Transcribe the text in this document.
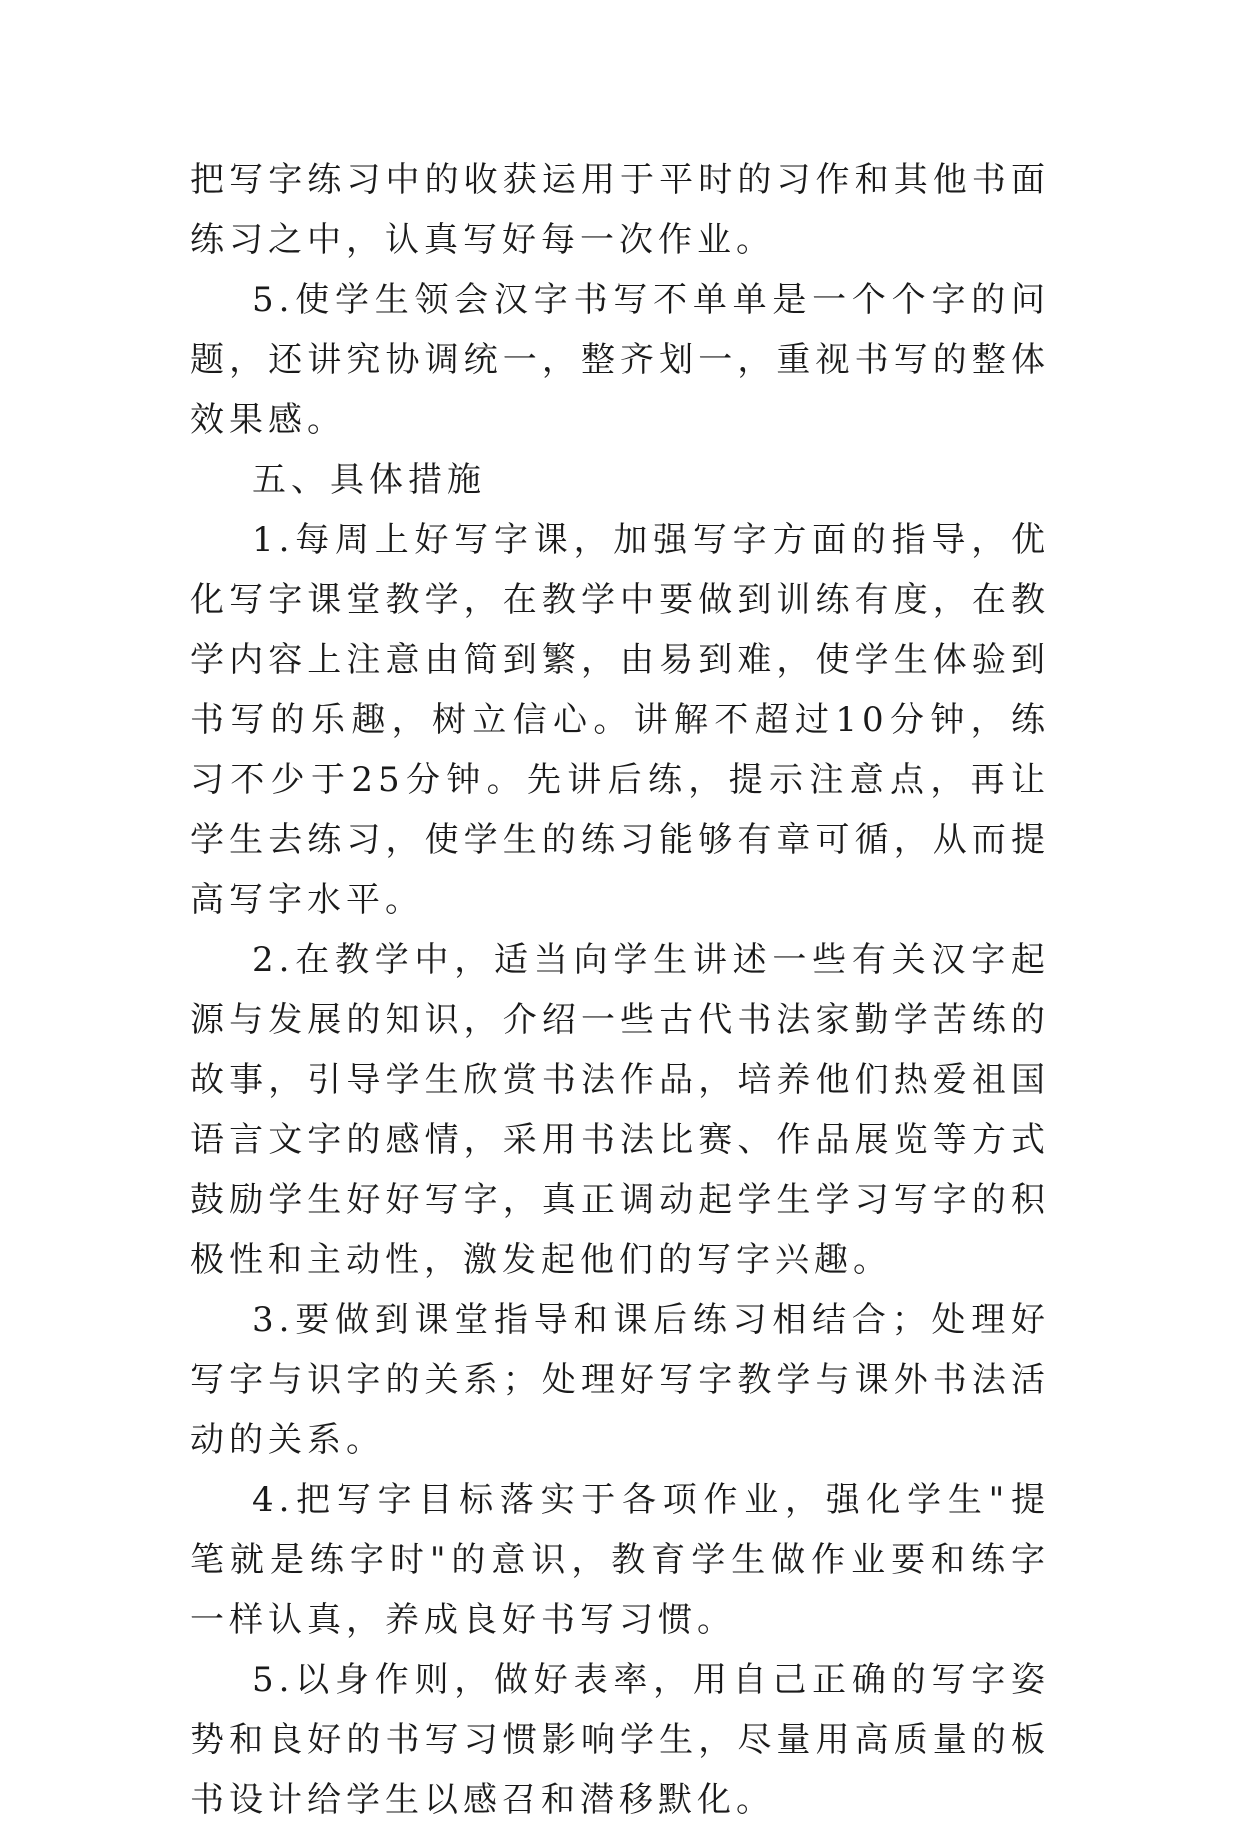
把写字练习中的收获运用于平时的习作和其他书面练习之中，认真写好每一次作业。

5.使学生领会汉字书写不单单是一个个字的问题，还讲究协调统一，整齐划一，重视书写的整体效果感。

五、具体措施

1.每周上好写字课，加强写字方面的指导，优化写字课堂教学，在教学中要做到训练有度，在教学内容上注意由简到繁，由易到难，使学生体验到书写的乐趣，树立信心。讲解不超过10分钟，练习不少于25分钟。先讲后练，提示注意点，再让学生去练习，使学生的练习能够有章可循，从而提高写字水平。

2.在教学中，适当向学生讲述一些有关汉字起源与发展的知识，介绍一些古代书法家勤学苦练的故事，引导学生欣赏书法作品，培养他们热爱祖国语言文字的感情，采用书法比赛、作品展览等方式鼓励学生好好写字，真正调动起学生学习写字的积极性和主动性，激发起他们的写字兴趣。

3.要做到课堂指导和课后练习相结合；处理好写字与识字的关系；处理好写字教学与课外书法活动的关系。

4.把写字目标落实于各项作业，强化学生"提笔就是练字时"的意识，教育学生做作业要和练字一样认真，养成良好书写习惯。

5.以身作则，做好表率，用自己正确的写字姿势和良好的书写习惯影响学生，尽量用高质量的板书设计给学生以感召和潜移默化。
